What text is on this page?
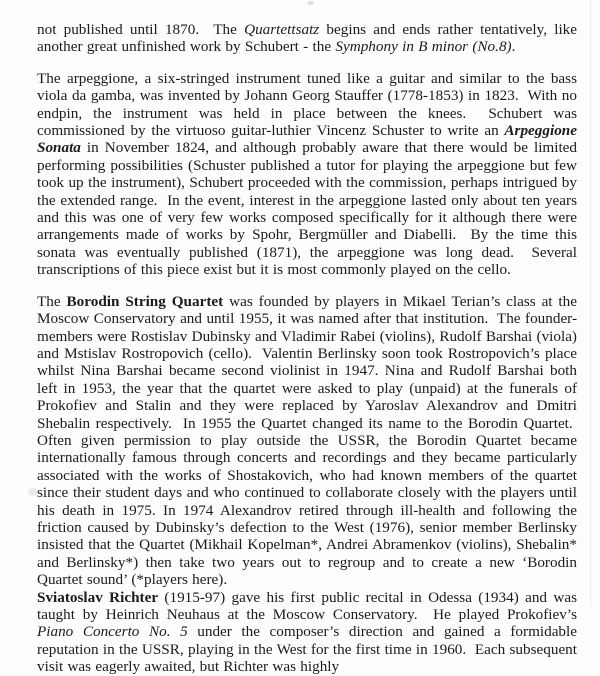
not published until 1870.  The Quartettsatz begins and ends rather tentatively, like another great unfinished work by Schubert - the Symphony in B minor (No.8).

The arpeggione, a six-stringed instrument tuned like a guitar and similar to the bass viola da gamba, was invented by Johann Georg Stauffer (1778-1853) in 1823.  With no endpin, the instrument was held in place between the knees.  Schubert was commissioned by the virtuoso guitar-luthier Vincenz Schuster to write an Arpeggione Sonata in November 1824, and although probably aware that there would be limited performing possibilities (Schuster published a tutor for playing the arpeggione but few took up the instrument), Schubert proceeded with the commission, perhaps intrigued by the extended range.  In the event, interest in the arpeggione lasted only about ten years and this was one of very few works composed specifically for it although there were arrangements made of works by Spohr, Bergmüller and Diabelli.  By the time this sonata was eventually published (1871), the arpeggione was long dead.  Several transcriptions of this piece exist but it is most commonly played on the cello.

The Borodin String Quartet was founded by players in Mikael Terian’s class at the Moscow Conservatory and until 1955, it was named after that institution.  The founder-members were Rostislav Dubinsky and Vladimir Rabei (violins), Rudolf Barshai (viola) and Mstislav Rostropovich (cello).  Valentin Berlinsky soon took Rostropovich’s place whilst Nina Barshai became second violinist in 1947. Nina and Rudolf Barshai both left in 1953, the year that the quartet were asked to play (unpaid) at the funerals of Prokofiev and Stalin and they were replaced by Yaroslav Alexandrov and Dmitri Shebalin respectively.  In 1955 the Quartet changed its name to the Borodin Quartet.  Often given permission to play outside the USSR, the Borodin Quartet became internationally famous through concerts and recordings and they became particularly associated with the works of Shostakovich, who had known members of the quartet since their student days and who continued to collaborate closely with the players until his death in 1975. In 1974 Alexandrov retired through ill-health and following the friction caused by Dubinsky’s defection to the West (1976), senior member Berlinsky insisted that the Quartet (Mikhail Kopelman*, Andrei Abramenkov (violins), Shebalin* and Berlinsky*) then take two years out to regroup and to create a new ‘Borodin Quartet sound’ (*players here).

Sviatoslav Richter (1915-97) gave his first public recital in Odessa (1934) and was taught by Heinrich Neuhaus at the Moscow Conservatory.  He played Prokofiev’s Piano Concerto No. 5 under the composer’s direction and gained a formidable reputation in the USSR, playing in the West for the first time in 1960.  Each subsequent visit was eagerly awaited, but Richter was highly
